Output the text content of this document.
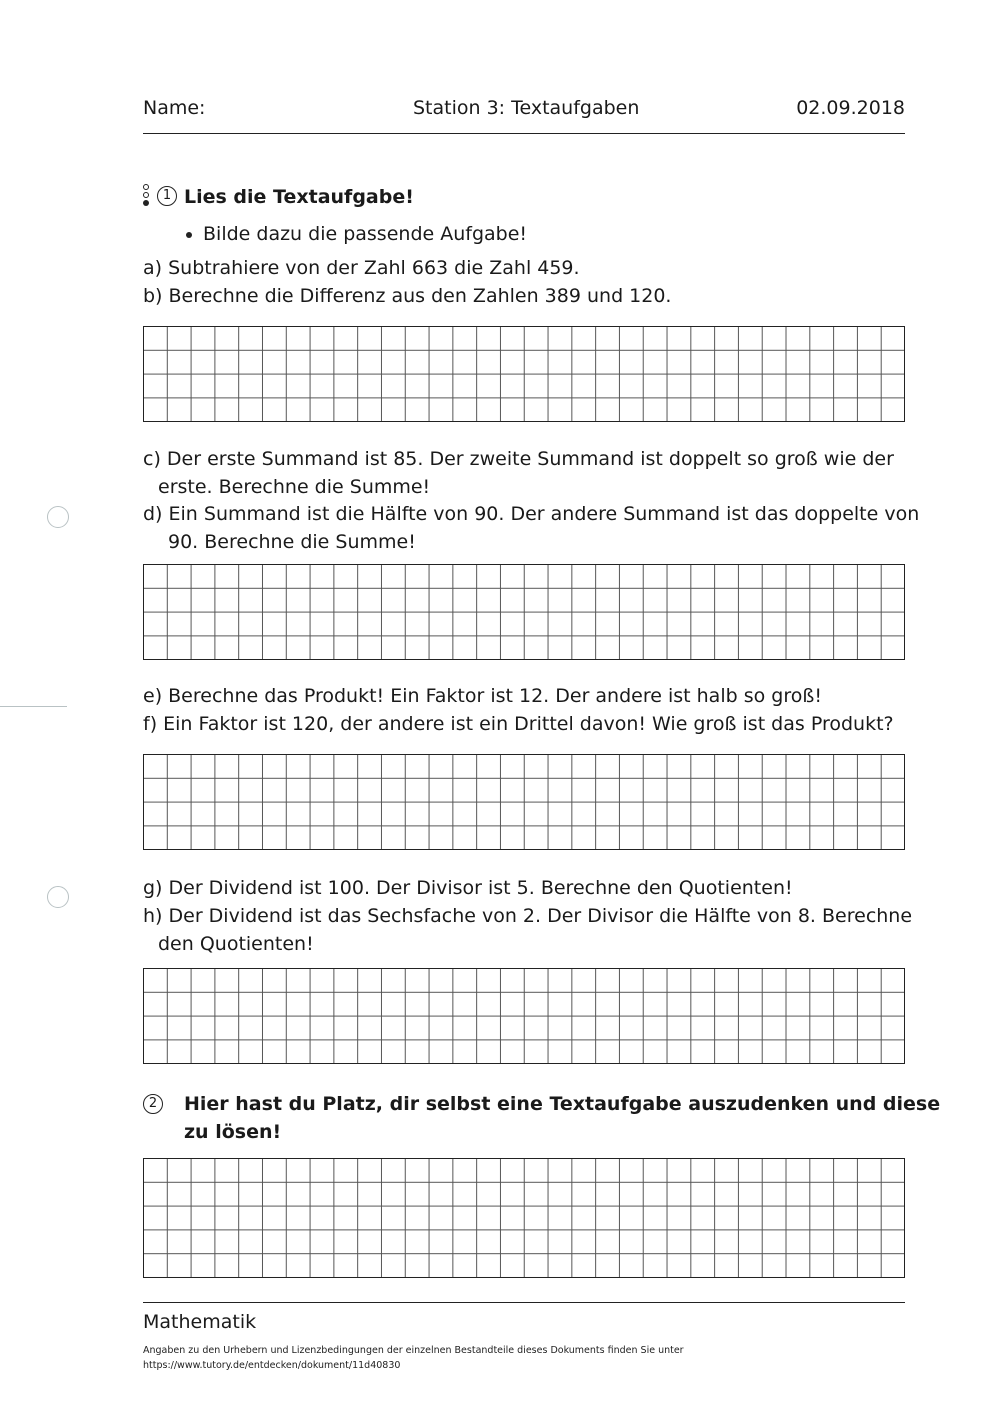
Name:	Station 3: Textaufgaben	02.09.2018
1 Lies die Textaufgabe!
Bilde dazu die passende Aufgabe!
a) Subtrahiere von der Zahl 663 die Zahl 459.
b) Berechne die Differenz aus den Zahlen 389 und 120.
c) Der erste Summand ist 85. Der zweite Summand ist doppelt so groß wie der
erste. Berechne die Summe!
d) Ein Summand ist die Hälfte von 90. Der andere Summand ist das doppelte von
90. Berechne die Summe!
e) Berechne das Produkt! Ein Faktor ist 12. Der andere ist halb so groß!
f) Ein Faktor ist 120, der andere ist ein Drittel davon! Wie groß ist das Produkt?
g) Der Dividend ist 100. Der Divisor ist 5. Berechne den Quotienten!
h) Der Dividend ist das Sechsfache von 2. Der Divisor die Hälfte von 8. Berechne
den Quotienten!
2	Hier hast du Platz, dir selbst eine Textaufgabe auszudenken und diese
zu lösen!
Mathematik
Angaben zu den Urhebern und Lizenzbedingungen der einzelnen Bestandteile dieses Dokuments finden Sie unter
https://www.tutory.de/entdecken/dokument/11d40830
